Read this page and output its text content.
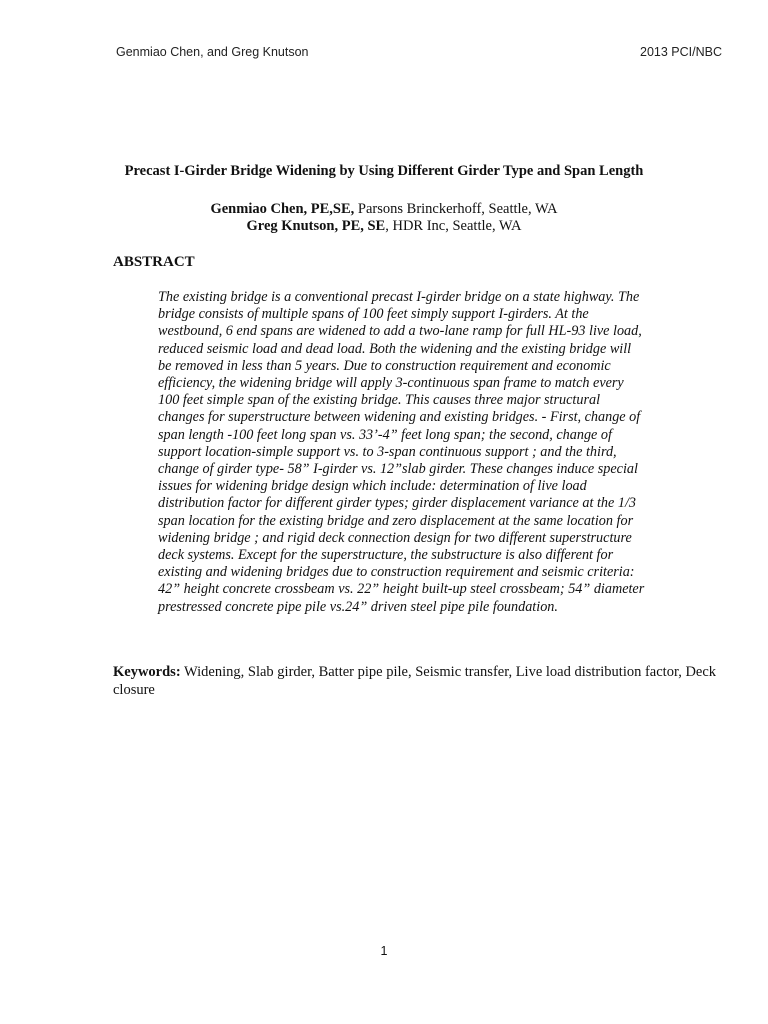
Genmiao Chen, and Greg Knutson	2013 PCI/NBC
Precast I-Girder Bridge Widening by Using Different Girder Type and Span Length
Genmiao Chen, PE,SE, Parsons Brinckerhoff, Seattle, WA
Greg Knutson, PE, SE, HDR Inc, Seattle, WA
ABSTRACT

The existing bridge is a conventional precast I-girder bridge on a state highway. The
bridge consists of multiple spans of 100 feet simply support I-girders. At the
westbound, 6 end spans are widened to add a two-lane ramp for full HL-93 live load,
reduced seismic load and dead load. Both the widening and the existing bridge will
be removed in less than 5 years. Due to construction requirement and economic
efficiency, the widening bridge will apply 3-continuous span frame to match every
100 feet simple span of the existing bridge. This causes three major structural
changes for superstructure between widening and existing bridges. - First, change of
span length -100 feet long span vs. 33’-4” feet long span; the second, change of
support location-simple support vs. to 3-span continuous support ; and the third,
change of girder type- 58” I-girder vs. 12”slab girder. These changes induce special
issues for widening bridge design which include: determination of live load
distribution factor for different girder types; girder displacement variance at the 1/3
span location for the existing bridge and zero displacement at the same location for
widening bridge ; and rigid deck connection design for two different superstructure
deck systems. Except for the superstructure, the substructure is also different for
existing and widening bridges due to construction requirement and seismic criteria:
42” height concrete crossbeam vs. 22” height built-up steel crossbeam; 54” diameter
prestressed concrete pipe pile vs.24” driven steel pipe pile foundation.

Keywords: Widening, Slab girder, Batter pipe pile, Seismic transfer, Live load distribution factor, Deck closure

1
